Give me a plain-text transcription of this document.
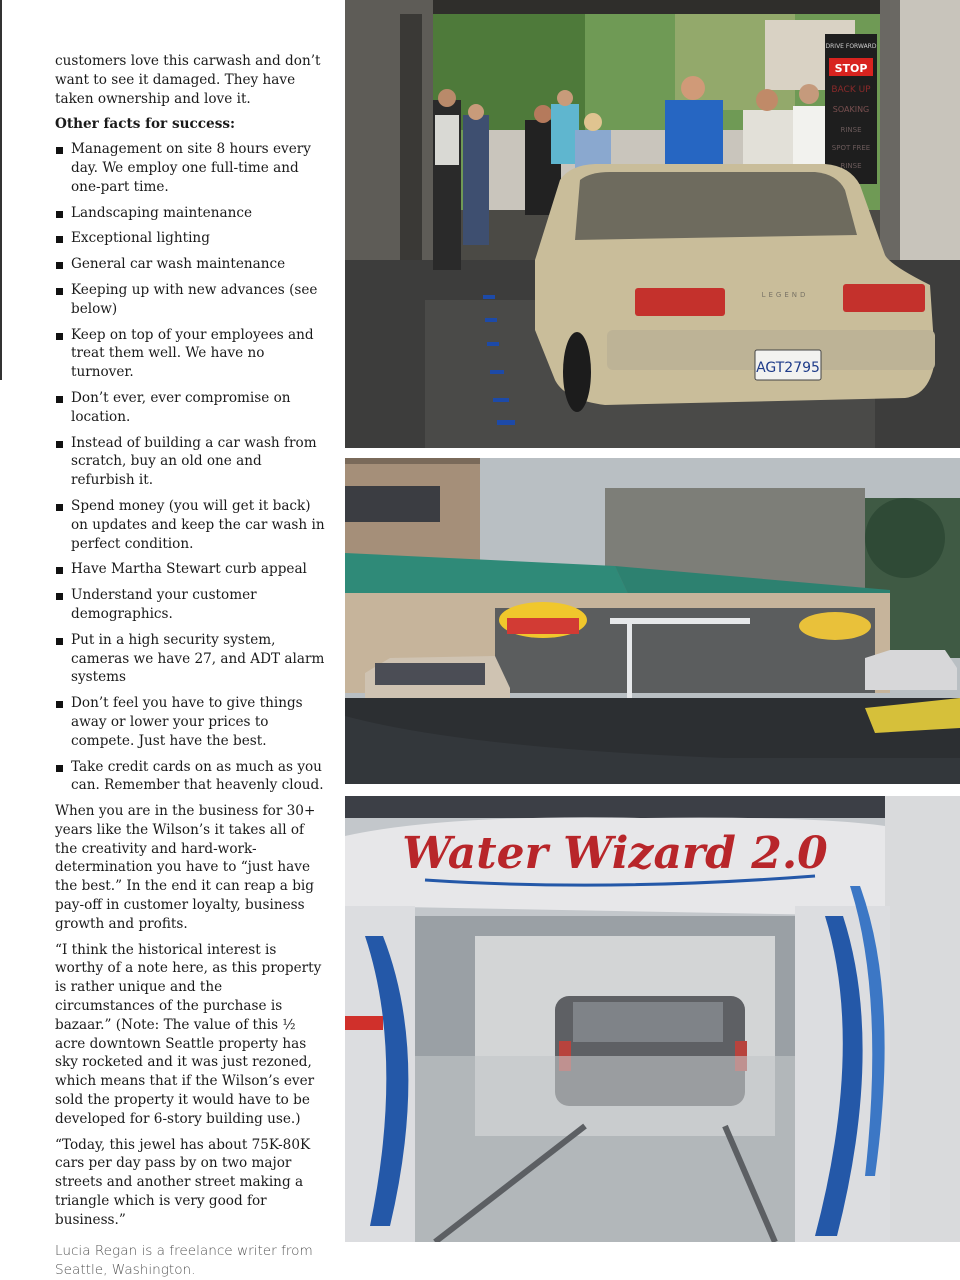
customers love this carwash and don’t want to see it damaged. They have taken ownership and love it.

Other facts for success:
Management on site 8 hours every day. We employ one full-time and one-part time.
Landscaping maintenance
Exceptional lighting
General car wash maintenance
Keeping up with new advances (see below)
Keep on top of your employees and treat them well. We have no turnover.
Don’t ever, ever compromise on location.
Instead of building a car wash from scratch, buy an old one and refurbish it.
Spend money (you will get it back) on updates and keep the car wash in perfect condition.
Have Martha Stewart curb appeal
Understand your customer demographics.
Put in a high security system, cameras we have 27, and ADT alarm systems
Don’t feel you have to give things away or lower your prices to compete. Just have the best.
Take credit cards on as much as you can. Remember that heavenly cloud.

When you are in the business for 30+ years like the Wilson’s it takes all of the creativity and hard-work-determination you have to “just have the best.” In the end it can reap a big pay-off in customer loyalty, business growth and profits.

“I think the historical interest is worthy of a note here, as this property is rather unique and the circumstances of the purchase is bazaar.” (Note: The value of this ½ acre downtown Seattle property has sky rocketed and it was just rezoned, which means that if the Wilson’s ever sold the property it would have to be developed for 6-story building use.)

“Today, this jewel has about 75K-80K cars per day pass by on two major streets and another street making a triangle which is very good for business.”

Lucia Regan is a freelance writer from Seattle, Washington.
DRIVE FORWARD
STOP
BACK UP
SOAKING
RINSE
SPOT FREE
RINSE
AGT2795
LEGEND
Water Wizard 2.0
